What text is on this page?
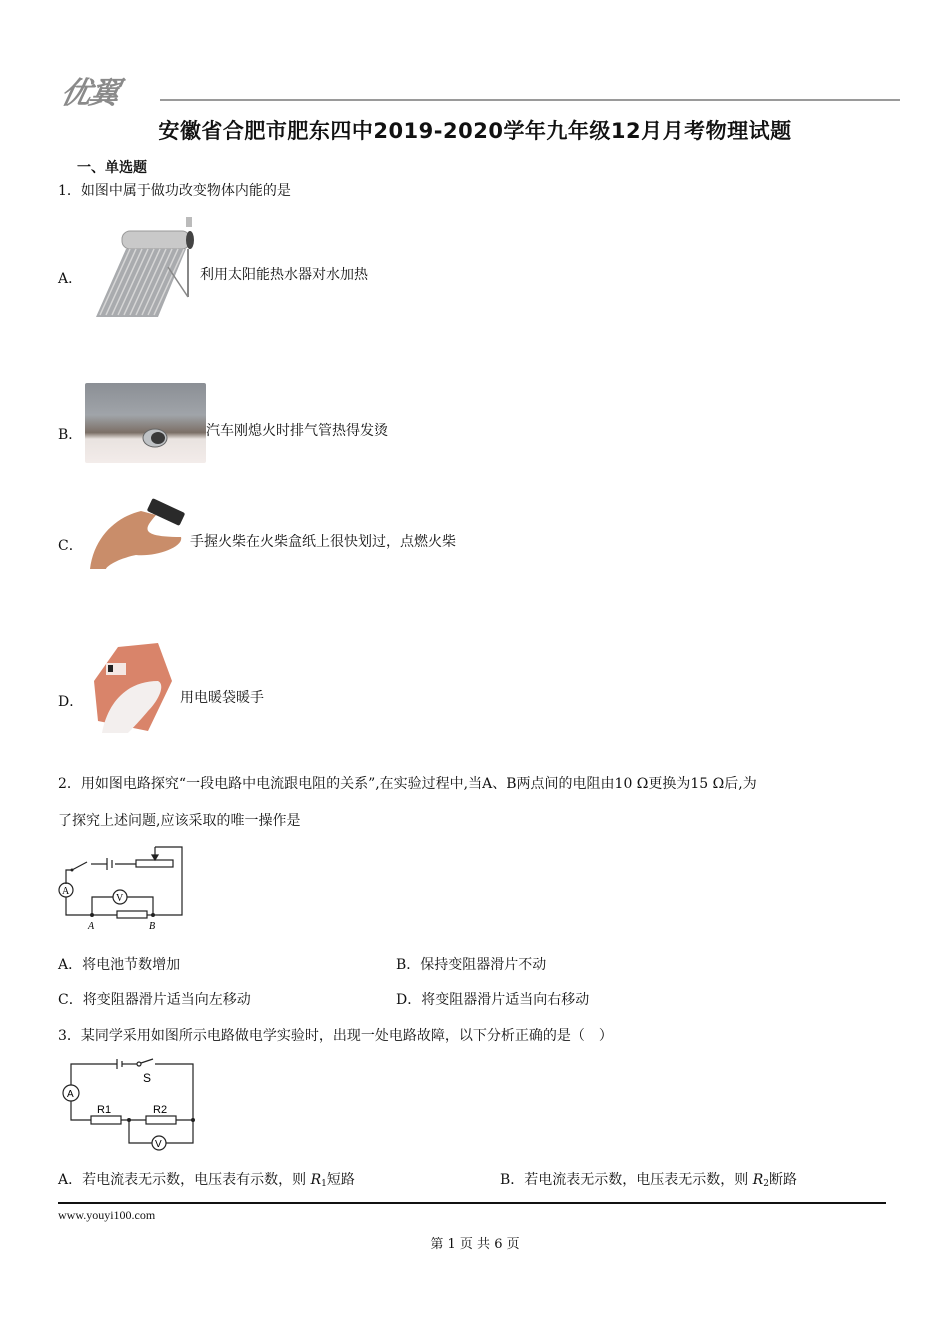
优翼
安徽省合肥市肥东四中2019-2020学年九年级12月月考物理试题
一、单选题
1．如图中属于做功改变物体内能的是
A．	利用太阳能热水器对水加热
B．	汽车刚熄火时排气管热得发烫
C．	手握火柴在火柴盒纸上很快划过，点燃火柴
D．	用电暖袋暖手
2．用如图电路探究“一段电路中电流跟电阻的关系”,在实验过程中,当A、B两点间的电阻由10 Ω更换为15 Ω后,为
了探究上述问题,应该采取的唯一操作是
A
V
A	B
A．将电池节数增加	B．保持变阻器滑片不动
C．将变阻器滑片适当向左移动	D．将变阻器滑片适当向右移动
3．某同学采用如图所示电路做电学实验时，出现一处电路故障，以下分析正确的是（　）
S
A
R1	R2
V
A．若电流表无示数，电压表有示数，则 $R_1$短路	B．若电流表无示数，电压表无示数，则 $R_2$断路
www.youyi100.com
第 1 页 共 6 页
